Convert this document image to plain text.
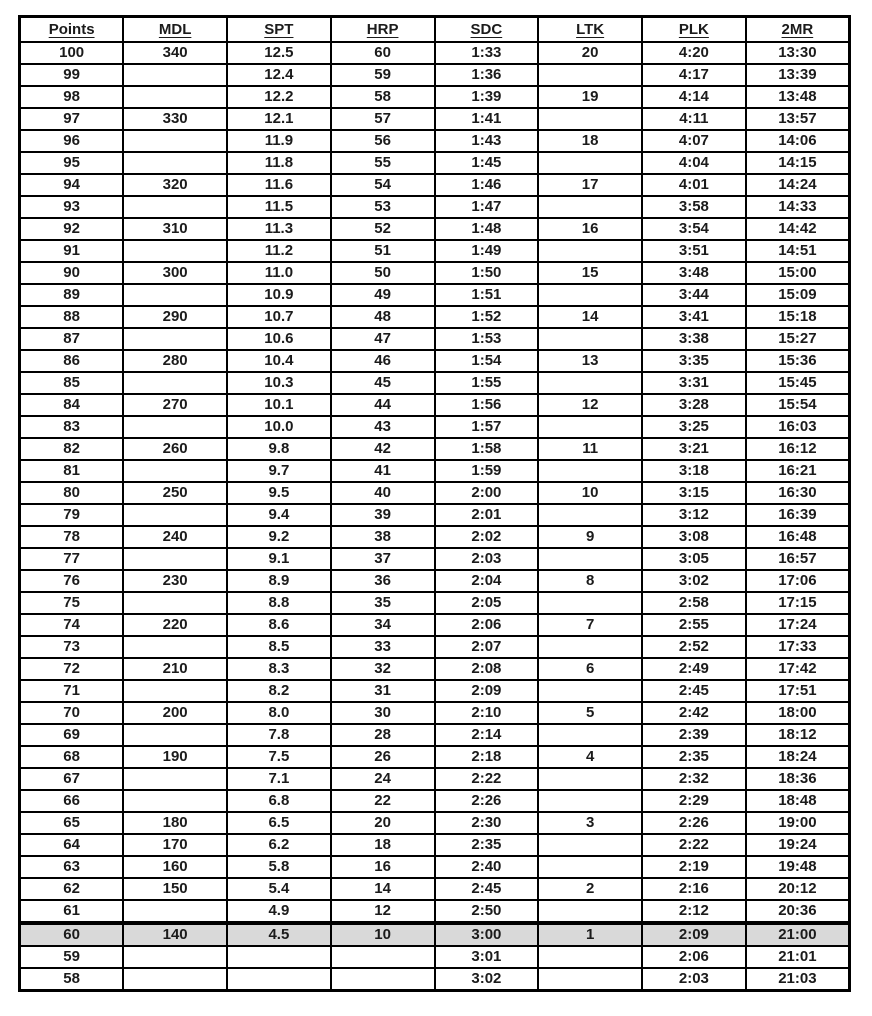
Points	MDL	SPT	HRP	SDC	LTK	PLK	2MR
100	340	12.5	60	1:33	20	4:20	13:30
99		12.4	59	1:36		4:17	13:39
98		12.2	58	1:39	19	4:14	13:48
97	330	12.1	57	1:41		4:11	13:57
96		11.9	56	1:43	18	4:07	14:06
95		11.8	55	1:45		4:04	14:15
94	320	11.6	54	1:46	17	4:01	14:24
93		11.5	53	1:47		3:58	14:33
92	310	11.3	52	1:48	16	3:54	14:42
91		11.2	51	1:49		3:51	14:51
90	300	11.0	50	1:50	15	3:48	15:00
89		10.9	49	1:51		3:44	15:09
88	290	10.7	48	1:52	14	3:41	15:18
87		10.6	47	1:53		3:38	15:27
86	280	10.4	46	1:54	13	3:35	15:36
85		10.3	45	1:55		3:31	15:45
84	270	10.1	44	1:56	12	3:28	15:54
83		10.0	43	1:57		3:25	16:03
82	260	9.8	42	1:58	11	3:21	16:12
81		9.7	41	1:59		3:18	16:21
80	250	9.5	40	2:00	10	3:15	16:30
79		9.4	39	2:01		3:12	16:39
78	240	9.2	38	2:02	9	3:08	16:48
77		9.1	37	2:03		3:05	16:57
76	230	8.9	36	2:04	8	3:02	17:06
75		8.8	35	2:05		2:58	17:15
74	220	8.6	34	2:06	7	2:55	17:24
73		8.5	33	2:07		2:52	17:33
72	210	8.3	32	2:08	6	2:49	17:42
71		8.2	31	2:09		2:45	17:51
70	200	8.0	30	2:10	5	2:42	18:00
69		7.8	28	2:14		2:39	18:12
68	190	7.5	26	2:18	4	2:35	18:24
67		7.1	24	2:22		2:32	18:36
66		6.8	22	2:26		2:29	18:48
65	180	6.5	20	2:30	3	2:26	19:00
64	170	6.2	18	2:35		2:22	19:24
63	160	5.8	16	2:40		2:19	19:48
62	150	5.4	14	2:45	2	2:16	20:12
61		4.9	12	2:50		2:12	20:36
60	140	4.5	10	3:00	1	2:09	21:00
59				3:01		2:06	21:01
58				3:02		2:03	21:03
